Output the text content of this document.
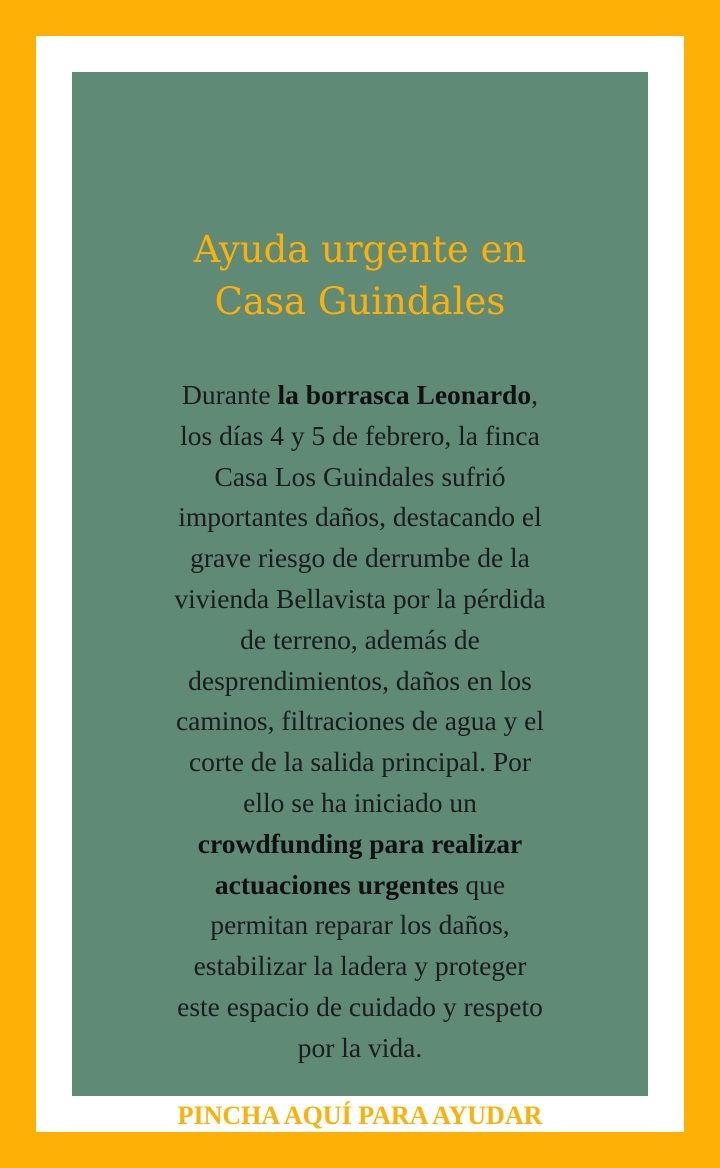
Ayuda urgente en
Casa Guindales

Durante la borrasca Leonardo,
los días 4 y 5 de febrero, la finca
Casa Los Guindales sufrió
importantes daños, destacando el
grave riesgo de derrumbe de la
vivienda Bellavista por la pérdida
de terreno, además de
desprendimientos, daños en los
caminos, filtraciones de agua y el
corte de la salida principal. Por
ello se ha iniciado un
crowdfunding para realizar
actuaciones urgentes que
permitan reparar los daños,
estabilizar la ladera y proteger
este espacio de cuidado y respeto
por la vida.

PINCHA AQUÍ PARA AYUDAR
